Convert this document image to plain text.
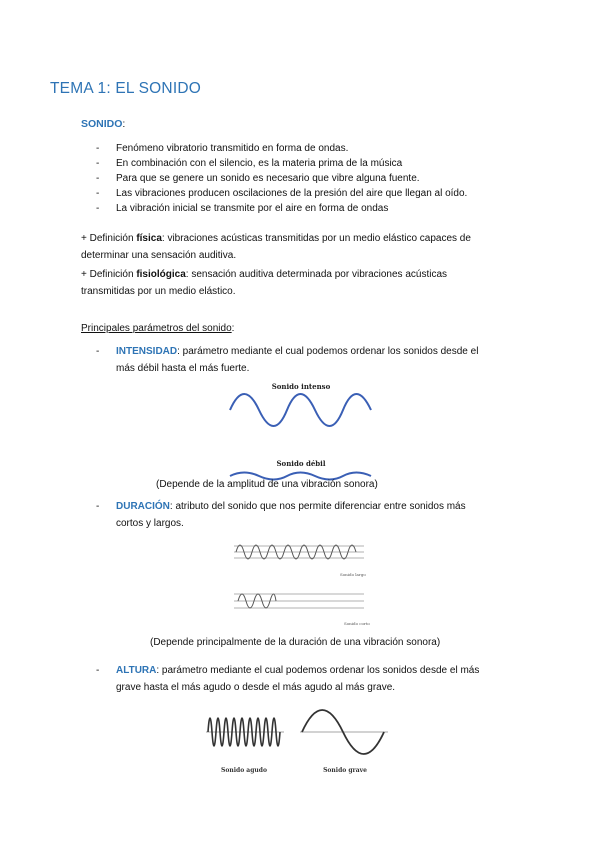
TEMA 1: EL SONIDO
SONIDO:
- Fenómeno vibratorio transmitido en forma de ondas.
- En combinación con el silencio, es la materia prima de la música
- Para que se genere un sonido es necesario que vibre alguna fuente.
- Las vibraciones producen oscilaciones de la presión del aire que llegan al oído.
- La vibración inicial se transmite por el aire en forma de ondas
+ Definición física: vibraciones acústicas transmitidas por un medio elástico capaces de
determinar una sensación auditiva.
+ Definición fisiológica: sensación auditiva determinada por vibraciones acústicas
transmitidas por un medio elástico.
Principales parámetros del sonido:
- INTENSIDAD: parámetro mediante el cual podemos ordenar los sonidos desde el
más débil hasta el más fuerte.
Sonido intenso
Sonido débil
(Depende de la amplitud de una vibración sonora)
- DURACIÓN: atributo del sonido que nos permite diferenciar entre sonidos más
cortos y largos.
Sonido largo
Sonido corto
(Depende principalmente de la duración de una vibración sonora)
- ALTURA: parámetro mediante el cual podemos ordenar los sonidos desde el más
grave hasta el más agudo o desde el más agudo al más grave.
Sonido agudo	Sonido grave
